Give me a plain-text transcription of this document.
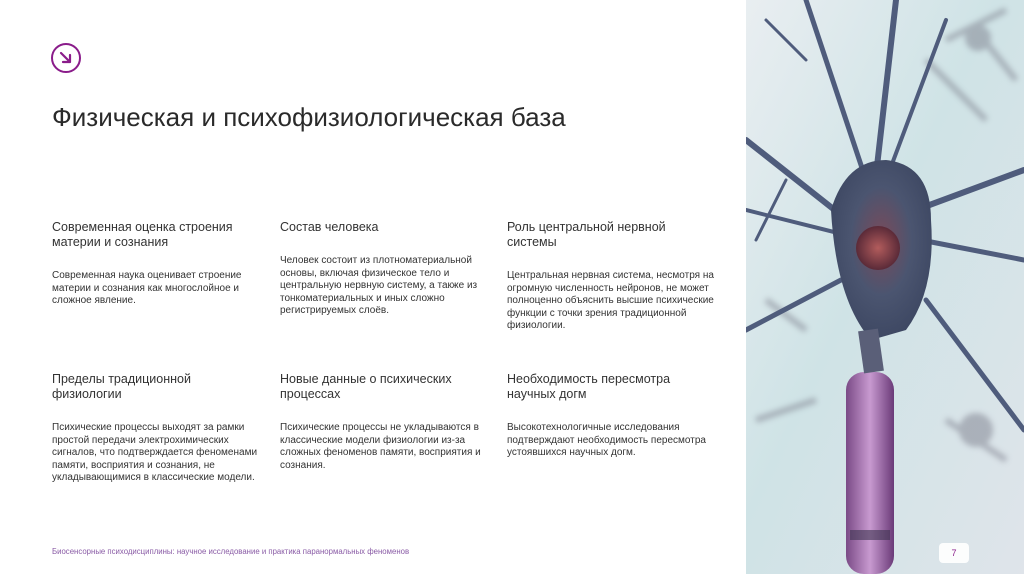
Физическая и психофизиологическая база

Современная оценка строения материи и сознания

Современная наука оценивает строение материи и сознания как многослойное и сложное явление.

Состав человека

Человек состоит из плотноматериальной основы, включая физическое тело и центральную нервную систему, а также из тонкоматериальных и иных сложно регистрируемых слоёв.

Роль центральной нервной системы

Центральная нервная система, несмотря на огромную численность нейронов, не может полноценно объяснить высшие психические функции с точки зрения традиционной физиологии.

Пределы традиционной физиологии

Психические процессы выходят за рамки простой передачи электрохимических сигналов, что подтверждается феноменами памяти, восприятия и сознания, не укладывающимися в классические модели.

Новые данные о психических процессах

Психические процессы не укладываются в классические модели физиологии из-за сложных феноменов памяти, восприятия и сознания.

Необходимость пересмотра научных догм

Высокотехнологичные исследования подтверждают необходимость пересмотра устоявшихся научных догм.

Биосенсорные психодисциплины: научное исследование и практика паранормальных феноменов	7
